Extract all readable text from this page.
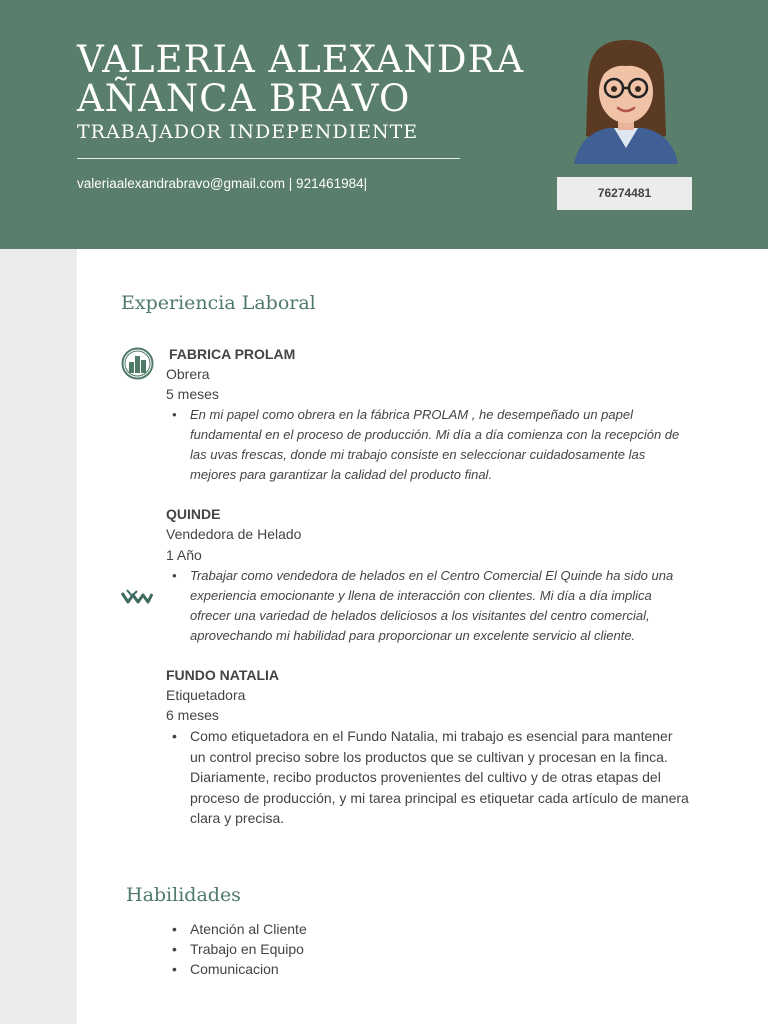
VALERIA ALEXANDRA AÑANCA BRAVO
TRABAJADOR INDEPENDIENTE
valeriaalexandrabravo@gmail.com | 921461984|
76274481
Experiencia Laboral
FABRICA PROLAM
Obrera
5 meses
• En mi papel como obrera en la fábrica PROLAM , he desempeñado un papel fundamental en el proceso de producción. Mi día a día comienza con la recepción de las uvas frescas, donde mi trabajo consiste en seleccionar cuidadosamente las mejores para garantizar la calidad del producto final.
QUINDE
Vendedora de Helado
1 Año
• Trabajar como vendedora de helados en el Centro Comercial El Quinde ha sido una experiencia emocionante y llena de interacción con clientes. Mi día a día implica ofrecer una variedad de helados deliciosos a los visitantes del centro comercial, aprovechando mi habilidad para proporcionar un excelente servicio al cliente.
FUNDO NATALIA
Etiquetadora
6 meses
• Como etiquetadora en el Fundo Natalia, mi trabajo es esencial para mantener un control preciso sobre los productos que se cultivan y procesan en la finca. Diariamente, recibo productos provenientes del cultivo y de otras etapas del proceso de producción, y mi tarea principal es etiquetar cada artículo de manera clara y precisa.
Habilidades
• Atención al Cliente
• Trabajo en Equipo
• Comunicacion
